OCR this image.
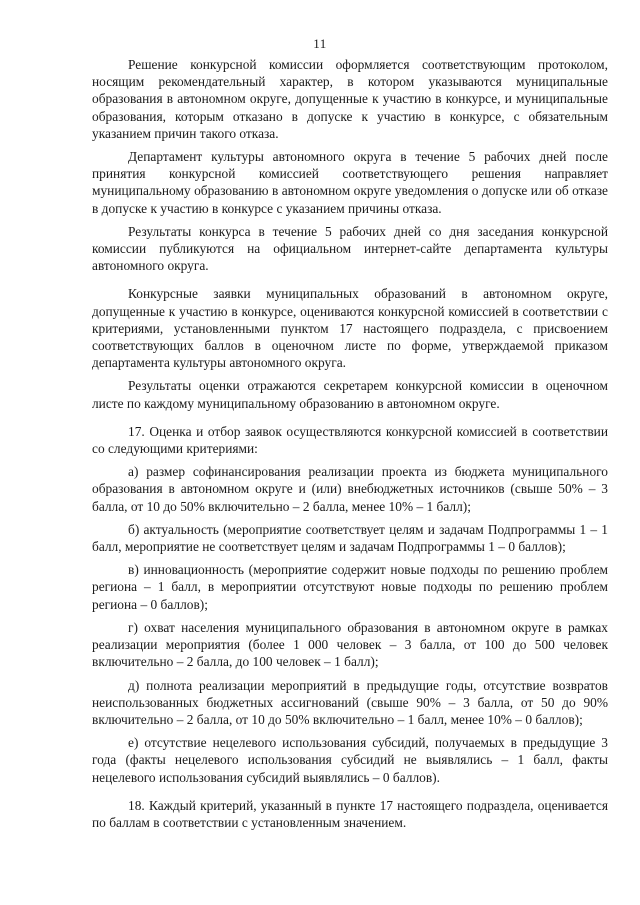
11

Решение конкурсной комиссии оформляется соответствующим протоколом, носящим рекомендательный характер, в котором указываются муниципальные образования в автономном округе, допущенные к участию в конкурсе, и муниципальные образования, которым отказано в допуске к участию в конкурсе, с обязательным указанием причин такого отказа.

Департамент культуры автономного округа в течение 5 рабочих дней после принятия конкурсной комиссией соответствующего решения направляет муниципальному образованию в автономном округе уведомления о допуске или об отказе в допуске к участию в конкурсе с указанием причины отказа.

Результаты конкурса в течение 5 рабочих дней со дня заседания конкурсной комиссии публикуются на официальном интернет-сайте департамента культуры автономного округа.

Конкурсные заявки муниципальных образований в автономном округе, допущенные к участию в конкурсе, оцениваются конкурсной комиссией в соответствии с критериями, установленными пунктом 17 настоящего подраздела, с присвоением соответствующих баллов в оценочном листе по форме, утверждаемой приказом департамента культуры автономного округа.

Результаты оценки отражаются секретарем конкурсной комиссии в оценочном листе по каждому муниципальному образованию в автономном округе.

17. Оценка и отбор заявок осуществляются конкурсной комиссией в соответствии со следующими критериями:

а) размер софинансирования реализации проекта из бюджета муниципального образования в автономном округе и (или) внебюджетных источников (свыше 50% – 3 балла, от 10 до 50% включительно – 2 балла, менее 10% – 1 балл);

б) актуальность (мероприятие соответствует целям и задачам Подпрограммы 1 – 1 балл, мероприятие не соответствует целям и задачам Подпрограммы 1 – 0 баллов);

в) инновационность (мероприятие содержит новые подходы по решению проблем региона – 1 балл, в мероприятии отсутствуют новые подходы по решению проблем региона – 0 баллов);

г) охват населения муниципального образования в автономном округе в рамках реализации мероприятия (более 1 000 человек – 3 балла, от 100 до 500 человек включительно – 2 балла, до 100 человек – 1 балл);

д) полнота реализации мероприятий в предыдущие годы, отсутствие возвратов неиспользованных бюджетных ассигнований (свыше 90% – 3 балла, от 50 до 90% включительно – 2 балла, от 10 до 50% включительно – 1 балл, менее 10% – 0 баллов);

е) отсутствие нецелевого использования субсидий, получаемых в предыдущие 3 года (факты нецелевого использования субсидий не выявлялись – 1 балл, факты нецелевого использования субсидий выявлялись – 0 баллов).

18. Каждый критерий, указанный в пункте 17 настоящего подраздела, оценивается по баллам в соответствии с установленным значением.
